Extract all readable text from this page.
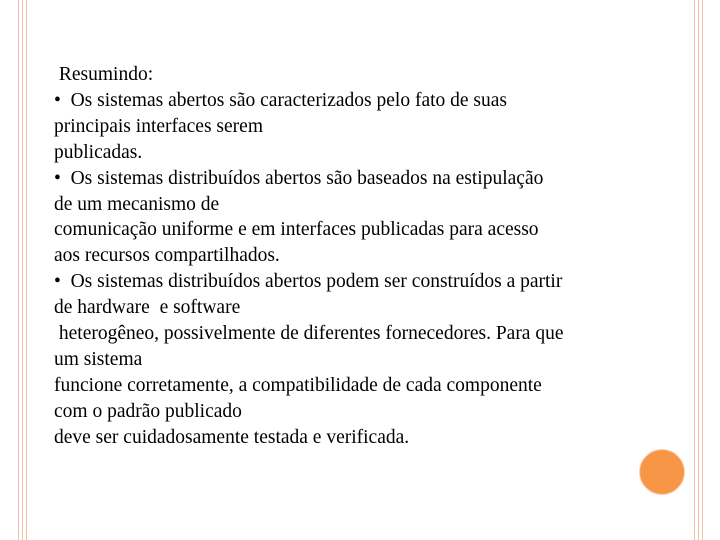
Resumindo:
•  Os sistemas abertos são caracterizados pelo fato de suas
principais interfaces serem
publicadas.
•  Os sistemas distribuídos abertos são baseados na estipulação
de um mecanismo de
comunicação uniforme e em interfaces publicadas para acesso
aos recursos compartilhados.
•  Os sistemas distribuídos abertos podem ser construídos a partir
de hardware  e software
heterogêneo, possivelmente de diferentes fornecedores. Para que
um sistema
funcione corretamente, a compatibilidade de cada componente
com o padrão publicado
deve ser cuidadosamente testada e verificada.
